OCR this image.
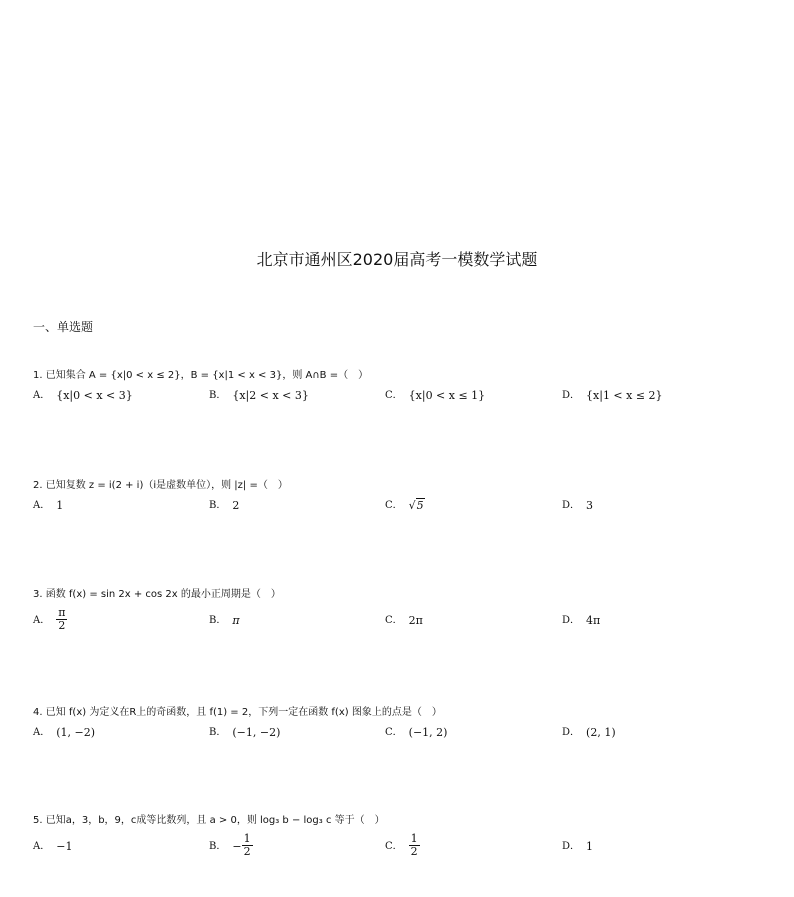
北京市通州区2020届高考一模数学试题
一、单选题
1. 已知集合 A = {x|0 < x ≤ 2}，B = {x|1 < x < 3}，则 A∩B =（　）
A． {x|0 < x < 3}	B． {x|2 < x < 3}	C． {x|0 < x ≤ 1}	D． {x|1 < x ≤ 2}
2. 已知复数 z = i(2 + i)（i是虚数单位），则 |z| =（　）
A． 1	B． 2	C． √5	D． 3
3. 函数 f(x) = sin 2x + cos 2x 的最小正周期是（　）
A． $\frac{\pi}{2}$	B． π	C． 2π	D． 4π
4. 已知 f(x) 为定义在R上的奇函数，且 f(1) = 2，下列一定在函数 f(x) 图象上的点是（　）
A． (1, −2)	B． (−1, −2)	C． (−1, 2)	D． (2, 1)
5. 已知a，3，b，9，c成等比数列，且 a > 0，则 log₃ b − log₃ c 等于（　）
A． −1	B． − $\frac{1}{2}$	C． $\frac{1}{2}$	D． 1
